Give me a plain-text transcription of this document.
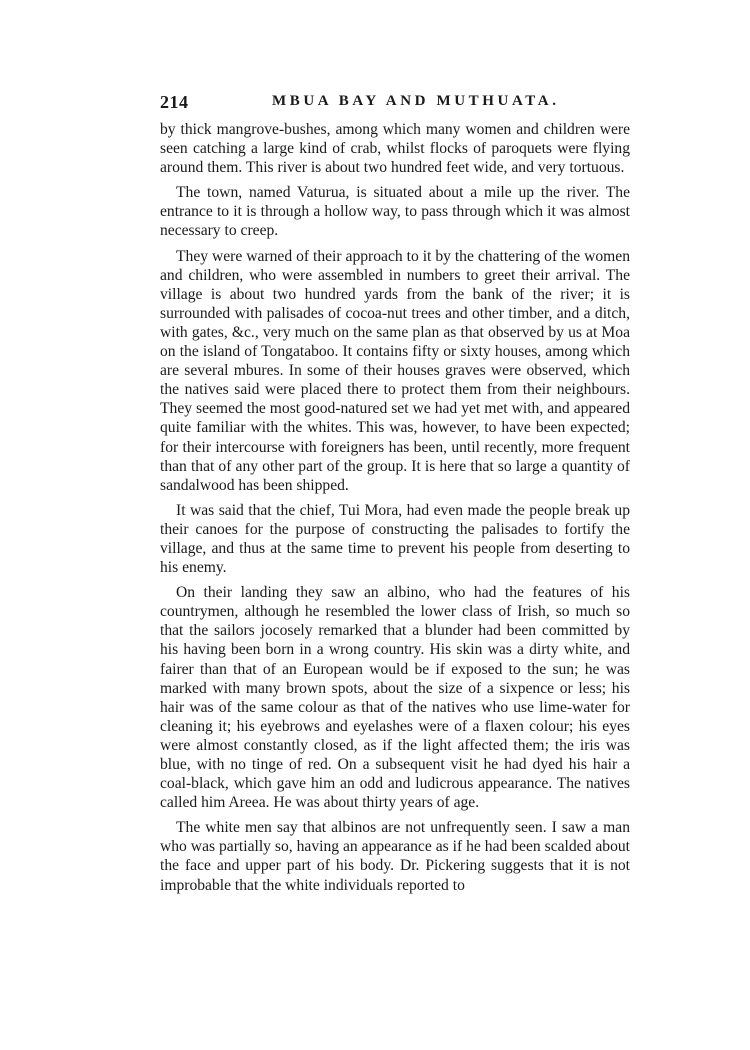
214	MBUA BAY AND MUTHUATA.

by thick mangrove-bushes, among which many women and children were seen catching a large kind of crab, whilst flocks of paroquets were flying around them. This river is about two hundred feet wide, and very tortuous.

The town, named Vaturua, is situated about a mile up the river. The entrance to it is through a hollow way, to pass through which it was almost necessary to creep.

They were warned of their approach to it by the chattering of the women and children, who were assembled in numbers to greet their arrival. The village is about two hundred yards from the bank of the river; it is surrounded with palisades of cocoa-nut trees and other timber, and a ditch, with gates, &c., very much on the same plan as that observed by us at Moa on the island of Tongataboo. It contains fifty or sixty houses, among which are several mbures. In some of their houses graves were observed, which the natives said were placed there to protect them from their neighbours. They seemed the most good-natured set we had yet met with, and appeared quite familiar with the whites. This was, however, to have been expected; for their intercourse with foreigners has been, until recently, more frequent than that of any other part of the group. It is here that so large a quantity of sandalwood has been shipped.

It was said that the chief, Tui Mora, had even made the people break up their canoes for the purpose of constructing the palisades to fortify the village, and thus at the same time to prevent his people from deserting to his enemy.

On their landing they saw an albino, who had the features of his countrymen, although he resembled the lower class of Irish, so much so that the sailors jocosely remarked that a blunder had been committed by his having been born in a wrong country. His skin was a dirty white, and fairer than that of an European would be if exposed to the sun; he was marked with many brown spots, about the size of a sixpence or less; his hair was of the same colour as that of the natives who use lime-water for cleaning it; his eyebrows and eyelashes were of a flaxen colour; his eyes were almost constantly closed, as if the light affected them; the iris was blue, with no tinge of red. On a subsequent visit he had dyed his hair a coal-black, which gave him an odd and ludicrous appearance. The natives called him Areea. He was about thirty years of age.

The white men say that albinos are not unfrequently seen. I saw a man who was partially so, having an appearance as if he had been scalded about the face and upper part of his body. Dr. Pickering suggests that it is not improbable that the white individuals reported to
